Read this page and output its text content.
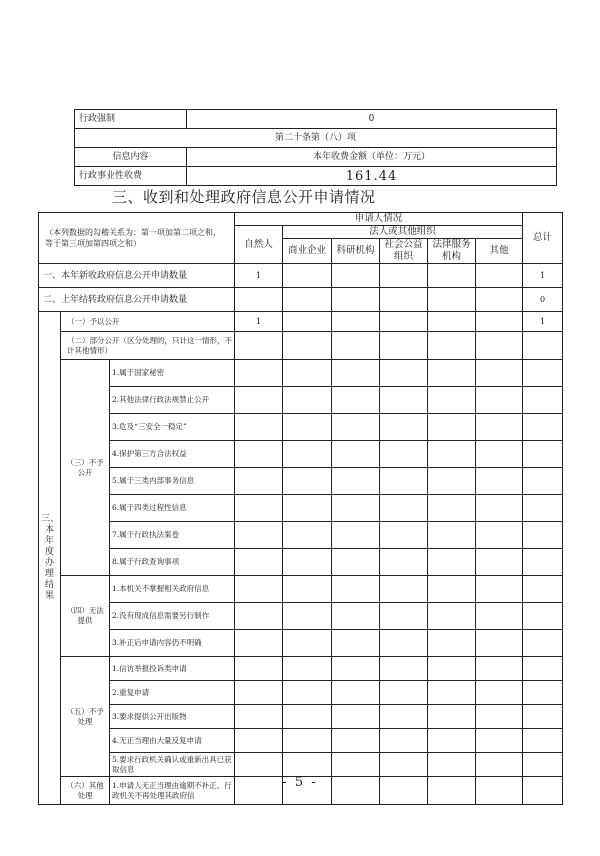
行政强制	0
第二十条第（八）项	
信息内容	本年收费金额（单位：万元）
行政事业性收费	161.44
三、收到和处理政府信息公开申请情况
（本列数据的勾稽关系为：第一项加第二项之和，等于第三项加第四项之和）			申请人情况						总计
			自然人	法人或其他组织					
				商业企业	科研机构	社会公益组织	法律服务机构	其他	
一、本年新收政府信息公开申请数量			1						1
二、上年结转政府信息公开申请数量									0
三、本年度办理结果	（一）予以公开		1						1
	（二）部分公开（区分处理的，只计这一情形，不计其他情形）								
	（三）不予公开	1.属于国家秘密							
		2.其他法律行政法规禁止公开							
		3.危及“三安全一稳定”							
		4.保护第三方合法权益							
		5.属于三类内部事务信息							
		6.属于四类过程性信息							
		7.属于行政执法案卷							
		8.属于行政查询事项							
	（四）无法提供	1.本机关不掌握相关政府信息							
		2.没有现成信息需要另行制作							
		3.补正后申请内容仍不明确							
	（五）不予处理	1.信访举报投诉类申请							
		2.重复申请							
		3.要求提供公开出版物							
		4.无正当理由大量反复申请							
		5.要求行政机关确认或重新出具已获取信息							
	（六）其他处理	1.申请人无正当理由逾期不补正、行政机关不再处理其政府信							
- 5 -
